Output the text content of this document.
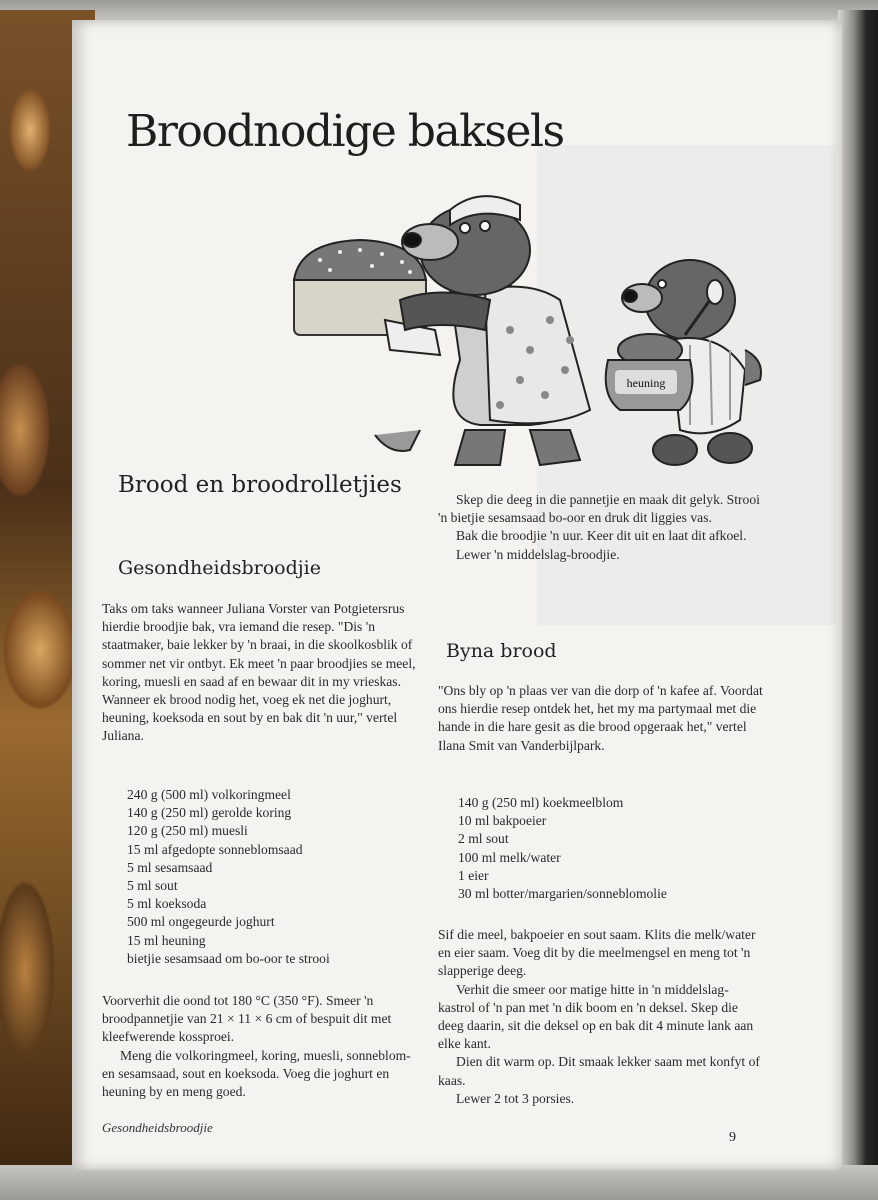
Broodnodige baksels
heuning
Brood en broodrolletjies
Gesondheidsbroodjie

Taks om taks wanneer Juliana Vorster van Potgietersrus hierdie broodjie bak, vra iemand die resep. "Dis 'n staatmaker, baie lekker by 'n braai, in die skoolkosblik of sommer net vir ontbyt. Ek meet 'n paar broodjies se meel, koring, muesli en saad af en bewaar dit in my vrieskas. Wanneer ek brood nodig het, voeg ek net die joghurt, heuning, koeksoda en sout by en bak dit 'n uur," vertel Juliana.

240 g (500 ml) volkoringmeel
140 g (250 ml) gerolde koring
120 g (250 ml) muesli
15 ml afgedopte sonneblomsaad
5 ml sesamsaad
5 ml sout
5 ml koeksoda
500 ml ongegeurde joghurt
15 ml heuning
bietjie sesamsaad om bo-oor te strooi

Voorverhit die oond tot 180 °C (350 °F). Smeer 'n broodpannetjie van 21 × 11 × 6 cm of bespuit dit met kleefwerende kossproei.

Meng die volkoringmeel, koring, muesli, sonneblom- en sesamsaad, sout en koeksoda. Voeg die joghurt en heuning by en meng goed.

Skep die deeg in die pannetjie en maak dit gelyk. Strooi 'n bietjie sesamsaad bo-oor en druk dit liggies vas.

Bak die broodjie 'n uur. Keer dit uit en laat dit afkoel.

Lewer 'n middelslag-broodjie.

Byna brood

"Ons bly op 'n plaas ver van die dorp of 'n kafee af. Voordat ons hierdie resep ontdek het, het my ma partymaal met die hande in die hare gesit as die brood opgeraak het," vertel Ilana Smit van Vanderbijlpark.

140 g (250 ml) koekmeelblom
10 ml bakpoeier
2 ml sout
100 ml melk/water
1 eier
30 ml botter/margarien/sonneblomolie

Sif die meel, bakpoeier en sout saam. Klits die melk/water en eier saam. Voeg dit by die meelmengsel en meng tot 'n slapperige deeg.

Verhit die smeer oor matige hitte in 'n middelslag-kastrol of 'n pan met 'n dik boom en 'n deksel. Skep die deeg daarin, sit die deksel op en bak dit 4 minute lank aan elke kant.

Dien dit warm op. Dit smaak lekker saam met konfyt of kaas.

Lewer 2 tot 3 porsies.

Gesondheidsbroodjie
9
